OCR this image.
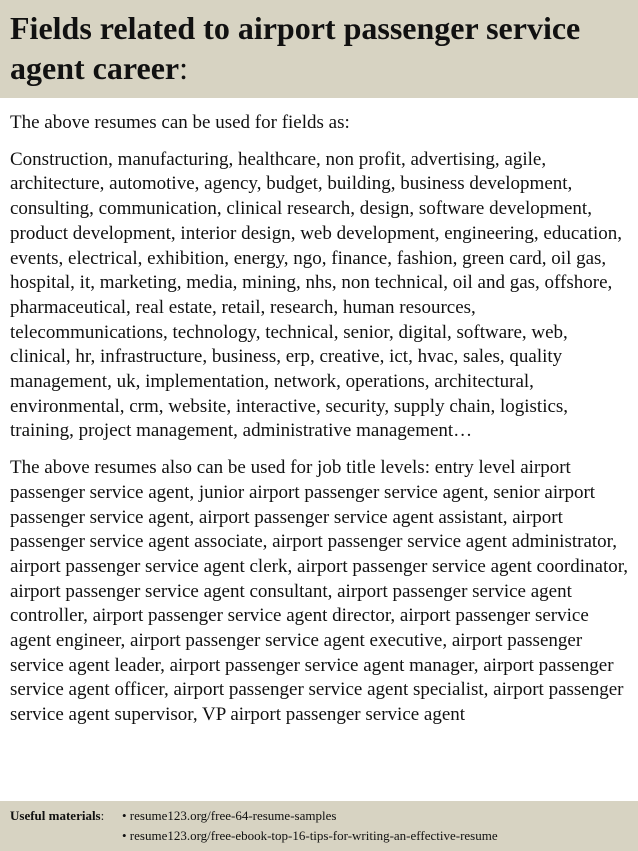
Fields related to airport passenger service agent career:

The above resumes can be used for fields as:

Construction, manufacturing, healthcare, non profit, advertising, agile, architecture, automotive, agency, budget, building, business development, consulting, communication, clinical research, design, software development, product development, interior design, web development, engineering, education, events, electrical, exhibition, energy, ngo, finance, fashion, green card, oil gas, hospital, it, marketing, media, mining, nhs, non technical, oil and gas, offshore, pharmaceutical, real estate, retail, research, human resources, telecommunications, technology, technical, senior, digital, software, web, clinical, hr, infrastructure, business, erp, creative, ict, hvac, sales, quality management, uk, implementation, network, operations, architectural, environmental, crm, website, interactive, security, supply chain, logistics, training, project management, administrative management…

The above resumes also can be used for job title levels: entry level airport passenger service agent, junior airport passenger service agent, senior airport passenger service agent, airport passenger service agent assistant, airport passenger service agent associate, airport passenger service agent administrator, airport passenger service agent clerk, airport passenger service agent coordinator, airport passenger service agent consultant, airport passenger service agent controller, airport passenger service agent director, airport passenger service agent engineer, airport passenger service agent executive, airport passenger service agent leader, airport passenger service agent manager, airport passenger service agent officer, airport passenger service agent specialist, airport passenger service agent supervisor, VP airport passenger service agent

Useful materials: • resume123.org/free-64-resume-samples
• resume123.org/free-ebook-top-16-tips-for-writing-an-effective-resume
